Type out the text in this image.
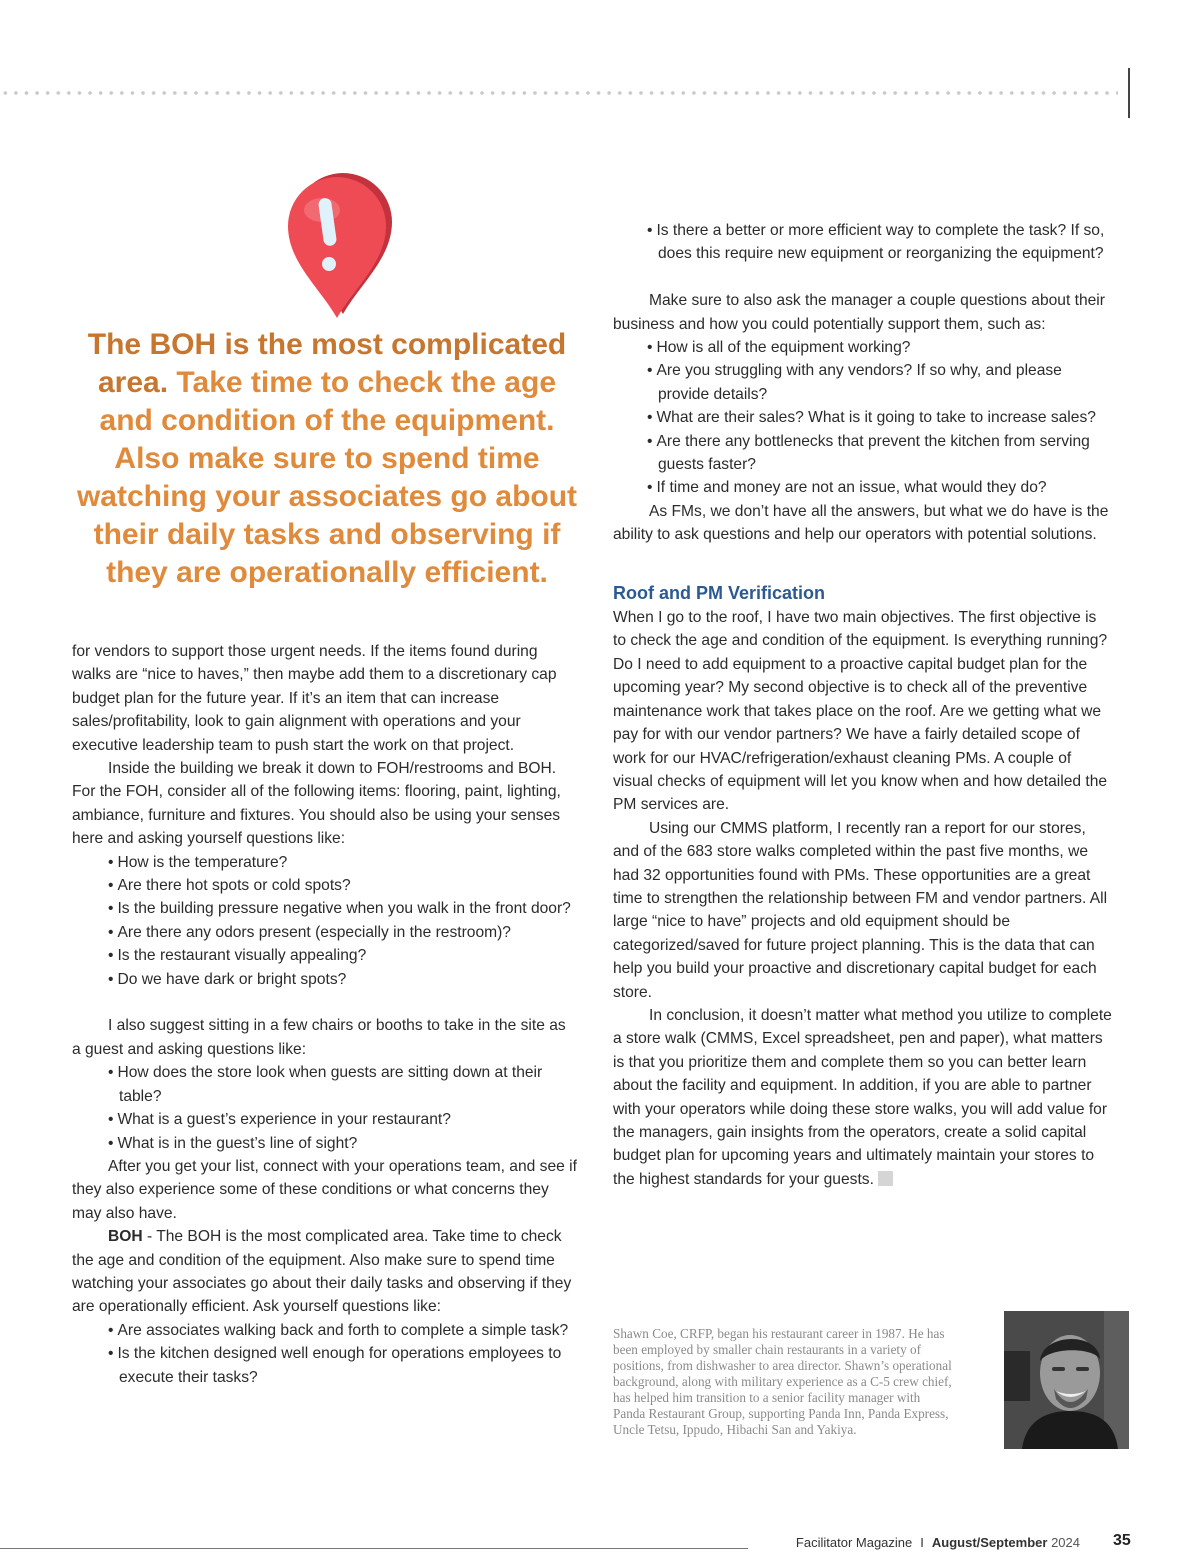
The BOH is the most complicated area. Take time to check the age and condition of the equipment. Also make sure to spend time watching your associates go about their daily tasks and observing if they are operationally efficient.

for vendors to support those urgent needs. If the items found during walks are “nice to haves,” then maybe add them to a discretionary cap budget plan for the future year. If it’s an item that can increase sales/profitability, look to gain alignment with operations and your executive leadership team to push start the work on that project.

Inside the building we break it down to FOH/restrooms and BOH. For the FOH, consider all of the following items: flooring, paint, lighting, ambiance, furniture and fixtures. You should also be using your senses here and asking yourself questions like:

• How is the temperature?

• Are there hot spots or cold spots?

• Is the building pressure negative when you walk in the front door?

• Are there any odors present (especially in the restroom)?

• Is the restaurant visually appealing?

• Do we have dark or bright spots?

I also suggest sitting in a few chairs or booths to take in the site as a guest and asking questions like:

• How does the store look when guests are sitting down at their table?

• What is a guest’s experience in your restaurant?

• What is in the guest’s line of sight?

After you get your list, connect with your operations team, and see if they also experience some of these conditions or what concerns they may also have.

BOH - The BOH is the most complicated area. Take time to check the age and condition of the equipment. Also make sure to spend time watching your associates go about their daily tasks and observing if they are operationally efficient. Ask yourself questions like:

• Are associates walking back and forth to complete a simple task?

• Is the kitchen designed well enough for operations employees to execute their tasks?

• Is there a better or more efficient way to complete the task? If so, does this require new equipment or reorganizing the equipment?

Make sure to also ask the manager a couple questions about their business and how you could potentially support them, such as:

• How is all of the equipment working?

• Are you struggling with any vendors? If so why, and please provide details?

• What are their sales? What is it going to take to increase sales?

• Are there any bottlenecks that prevent the kitchen from serving guests faster?

• If time and money are not an issue, what would they do?

As FMs, we don’t have all the answers, but what we do have is the ability to ask questions and help our operators with potential solutions.

Roof and PM Verification

When I go to the roof, I have two main objectives. The first objective is to check the age and condition of the equipment. Is everything running? Do I need to add equipment to a proactive capital budget plan for the upcoming year? My second objective is to check all of the preventive maintenance work that takes place on the roof. Are we getting what we pay for with our vendor partners? We have a fairly detailed scope of work for our HVAC/refrigeration/exhaust cleaning PMs. A couple of visual checks of equipment will let you know when and how detailed the PM services are.

Using our CMMS platform, I recently ran a report for our stores, and of the 683 store walks completed within the past five months, we had 32 opportunities found with PMs. These opportunities are a great time to strengthen the relationship between FM and vendor partners. All large “nice to have” projects and old equipment should be categorized/saved for future project planning. This is the data that can help you build your proactive and discretionary capital budget for each store.

In conclusion, it doesn’t matter what method you utilize to complete a store walk (CMMS, Excel spreadsheet, pen and paper), what matters is that you prioritize them and complete them so you can better learn about the facility and equipment. In addition, if you are able to partner with your operators while doing these store walks, you will add value for the managers, gain insights from the operators, create a solid capital budget plan for upcoming years and ultimately maintain your stores to the highest standards for your guests.

Shawn Coe, CRFP, began his restaurant career in 1987. He has been employed by smaller chain restaurants in a variety of positions, from dishwasher to area director. Shawn’s operational background, along with military experience as a C-5 crew chief, has helped him transition to a senior facility manager with Panda Restaurant Group, supporting Panda Inn, Panda Express, Uncle Tetsu, Ippudo, Hibachi San and Yakiya.
Facilitator Magazine I August/September 2024 35
